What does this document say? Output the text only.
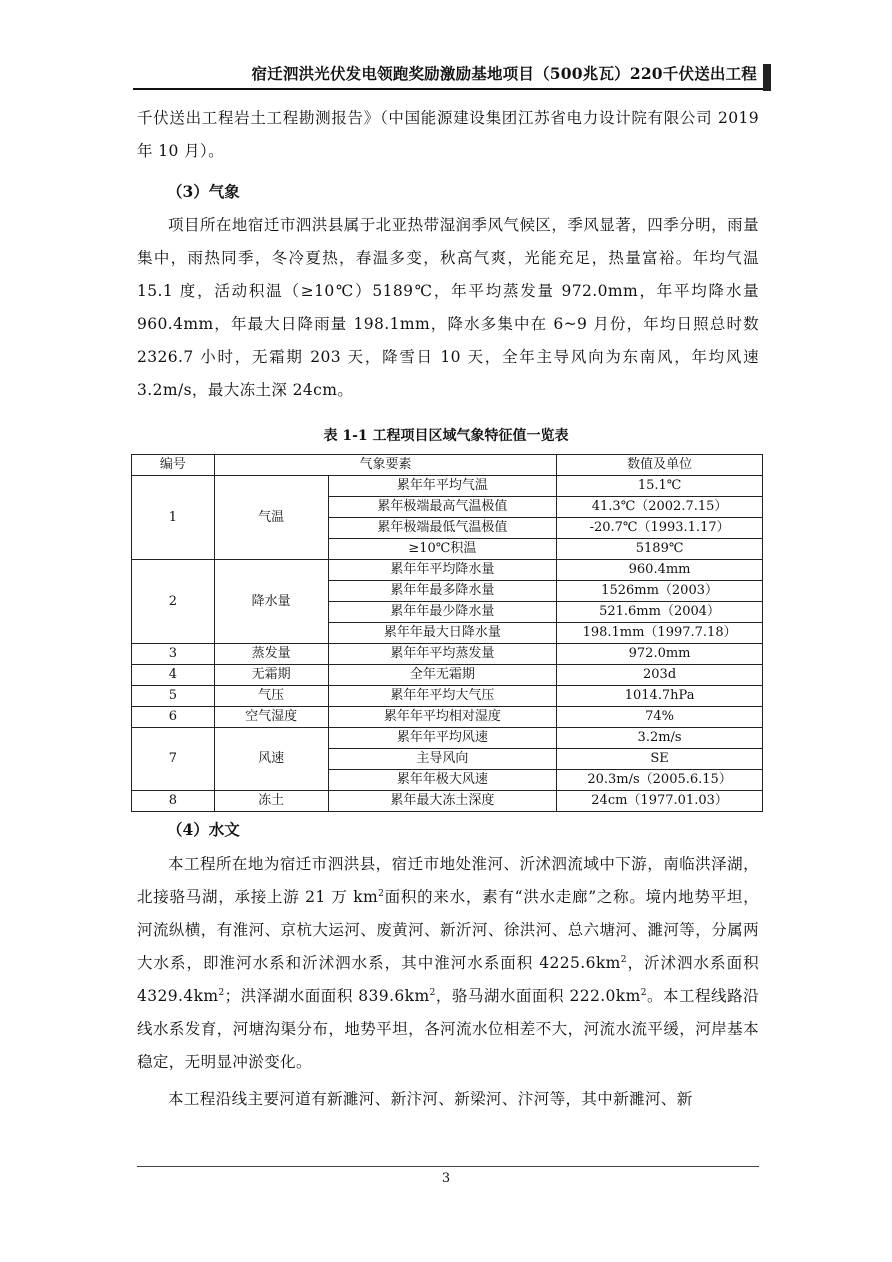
宿迁泗洪光伏发电领跑奖励激励基地项目（500兆瓦）220千伏送出工程

千伏送出工程岩土工程勘测报告》（中国能源建设集团江苏省电力设计院有限公司 2019 年 10 月）。

（3）气象

项目所在地宿迁市泗洪县属于北亚热带湿润季风气候区，季风显著，四季分明，雨量集中，雨热同季，冬冷夏热，春温多变，秋高气爽，光能充足，热量富裕。年均气温 15.1 度，活动积温（≥10℃）5189℃，年平均蒸发量 972.0mm，年平均降水量 960.4mm，年最大日降雨量 198.1mm，降水多集中在 6~9 月份，年均日照总时数 2326.7 小时，无霜期 203 天，降雪日 10 天，全年主导风向为东南风，年均风速 3.2m/s，最大冻土深 24cm。

表 1-1 工程项目区域气象特征值一览表
编号	气象要素		数值及单位
1	气温	累年年平均气温	15.1℃
		累年极端最高气温极值	41.3℃（2002.7.15）
		累年极端最低气温极值	-20.7℃（1993.1.17）
		≥10℃积温	5189℃
2	降水量	累年年平均降水量	960.4mm
		累年年最多降水量	1526mm（2003）
		累年年最少降水量	521.6mm（2004）
		累年年最大日降水量	198.1mm（1997.7.18）
3	蒸发量	累年年平均蒸发量	972.0mm
4	无霜期	全年无霜期	203d
5	气压	累年年平均大气压	1014.7hPa
6	空气湿度	累年年平均相对湿度	74%
7	风速	累年年平均风速	3.2m/s
		主导风向	SE
		累年年极大风速	20.3m/s（2005.6.15）
8	冻土	累年最大冻土深度	24cm（1977.01.03）
（4）水文

本工程所在地为宿迁市泗洪县，宿迁市地处淮河、沂沭泗流域中下游，南临洪泽湖，北接骆马湖，承接上游 21 万 $km^2$面积的来水，素有“洪水走廊”之称。境内地势平坦，河流纵横，有淮河、京杭大运河、废黄河、新沂河、徐洪河、总六塘河、濉河等，分属两大水系，即淮河水系和沂沭泗水系，其中淮河水系面积 $4225.6km^2$，沂沭泗水系面积 $4329.4km^2$；洪泽湖水面面积 $839.6km^2$，骆马湖水面面积 $222.0km^2$。本工程线路沿线水系发育，河塘沟渠分布，地势平坦，各河流水位相差不大，河流水流平缓，河岸基本稳定，无明显冲淤变化。

本工程沿线主要河道有新濉河、新汴河、新梁河、汴河等，其中新濉河、新

3
